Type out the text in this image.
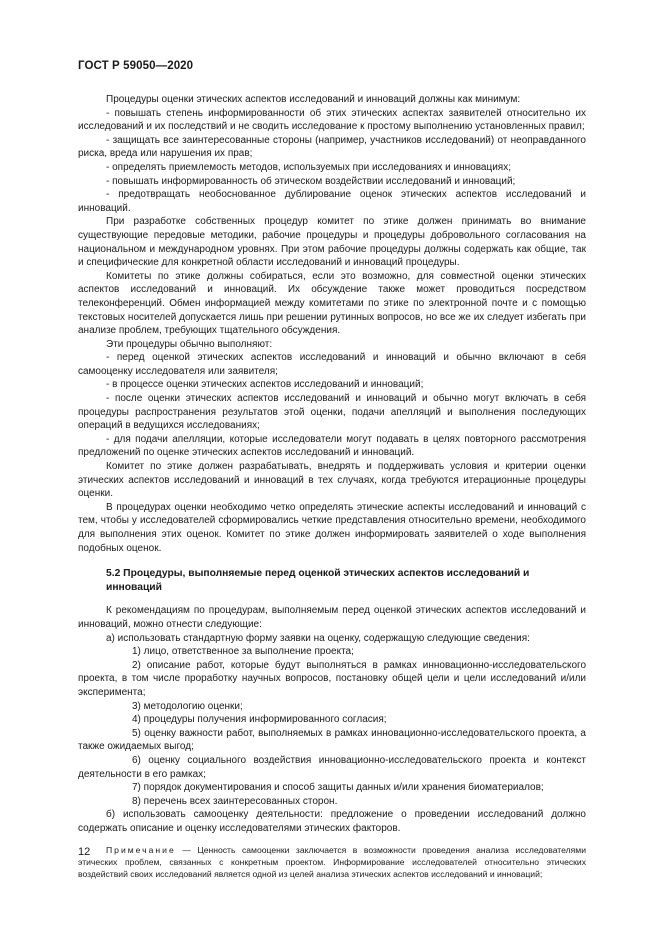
ГОСТ Р 59050—2020

Процедуры оценки этических аспектов исследований и инноваций должны как минимум:

- повышать степень информированности об этих этических аспектах заявителей относительно их исследований и их последствий и не сводить исследование к простому выполнению установленных правил;

- защищать все заинтересованные стороны (например, участников исследований) от неоправданного риска, вреда или нарушения их прав;

- определять приемлемость методов, используемых при исследованиях и инновациях;

- повышать информированность об этическом воздействии исследований и инноваций;

- предотвращать необоснованное дублирование оценок этических аспектов исследований и инноваций.

При разработке собственных процедур комитет по этике должен принимать во внимание существующие передовые методики, рабочие процедуры и процедуры добровольного согласования на национальном и международном уровнях. При этом рабочие процедуры должны содержать как общие, так и специфические для конкретной области исследований и инноваций процедуры.

Комитеты по этике должны собираться, если это возможно, для совместной оценки этических аспектов исследований и инноваций. Их обсуждение также может проводиться посредством телеконференций. Обмен информацией между комитетами по этике по электронной почте и с помощью текстовых носителей допускается лишь при решении рутинных вопросов, но все же их следует избегать при анализе проблем, требующих тщательного обсуждения.

Эти процедуры обычно выполняют:

- перед оценкой этических аспектов исследований и инноваций и обычно включают в себя самооценку исследователя или заявителя;

- в процессе оценки этических аспектов исследований и инноваций;

- после оценки этических аспектов исследований и инноваций и обычно могут включать в себя процедуры распространения результатов этой оценки, подачи апелляций и выполнения последующих операций в ведущихся исследованиях;

- для подачи апелляции, которые исследователи могут подавать в целях повторного рассмотрения предложений по оценке этических аспектов исследований и инноваций.

Комитет по этике должен разрабатывать, внедрять и поддерживать условия и критерии оценки этических аспектов исследований и инноваций в тех случаях, когда требуются итерационные процедуры оценки.

В процедурах оценки необходимо четко определять этические аспекты исследований и инноваций с тем, чтобы у исследователей сформировались четкие представления относительно времени, необходимого для выполнения этих оценок. Комитет по этике должен информировать заявителей о ходе выполнения подобных оценок.

5.2 Процедуры, выполняемые перед оценкой этических аспектов исследований и инноваций

К рекомендациям по процедурам, выполняемым перед оценкой этических аспектов исследований и инноваций, можно отнести следующие:

а) использовать стандартную форму заявки на оценку, содержащую следующие сведения:

1) лицо, ответственное за выполнение проекта;

2) описание работ, которые будут выполняться в рамках инновационно-исследовательского проекта, в том числе проработку научных вопросов, постановку общей цели и цели исследований и/или эксперимента;

3) методологию оценки;

4) процедуры получения информированного согласия;

5) оценку важности работ, выполняемых в рамках инновационно-исследовательского проекта, а также ожидаемых выгод;

6) оценку социального воздействия инновационно-исследовательского проекта и контекст деятельности в его рамках;

7) порядок документирования и способ защиты данных и/или хранения биоматериалов;

8) перечень всех заинтересованных сторон.

б) использовать самооценку деятельности: предложение о проведении исследований должно содержать описание и оценку исследователями этических факторов.

Примечание — Ценность самооценки заключается в возможности проведения анализа исследователями этических проблем, связанных с конкретным проектом. Информирование исследователей относительно этических воздействий своих исследований является одной из целей анализа этических аспектов исследований и инноваций;

12
